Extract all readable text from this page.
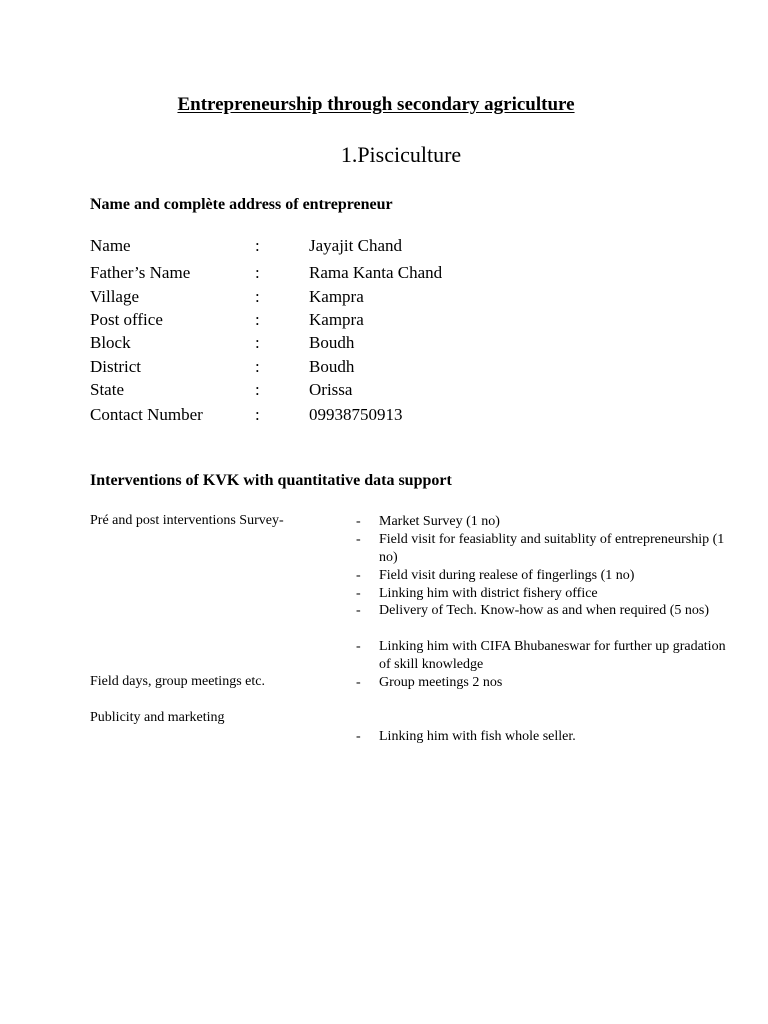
Entrepreneurship through secondary agriculture
1.Pisciculture
Name and complète address of entrepreneur
Name	:	Jayajit Chand
Father’s Name	:	Rama Kanta Chand
Village	:	Kampra
Post office	:	Kampra
Block	:	Boudh
District	:	Boudh
State	:	Orissa
Contact Number	:	09938750913
Interventions of KVK with quantitative data support
Pré and post interventions Survey-	- Market Survey (1 no)
- Field visit for feasiablity and suitablity of entrepreneurship (1 no)
- Field visit during realese of fingerlings (1 no)
- Linking him with district fishery office
- Delivery of Tech. Know-how as and when required (5 nos)
- Linking him with CIFA Bhubaneswar for further up gradation of skill knowledge
Field days, group meetings etc.	- Group meetings 2 nos
Publicity and marketing
- Linking him with fish whole seller.
